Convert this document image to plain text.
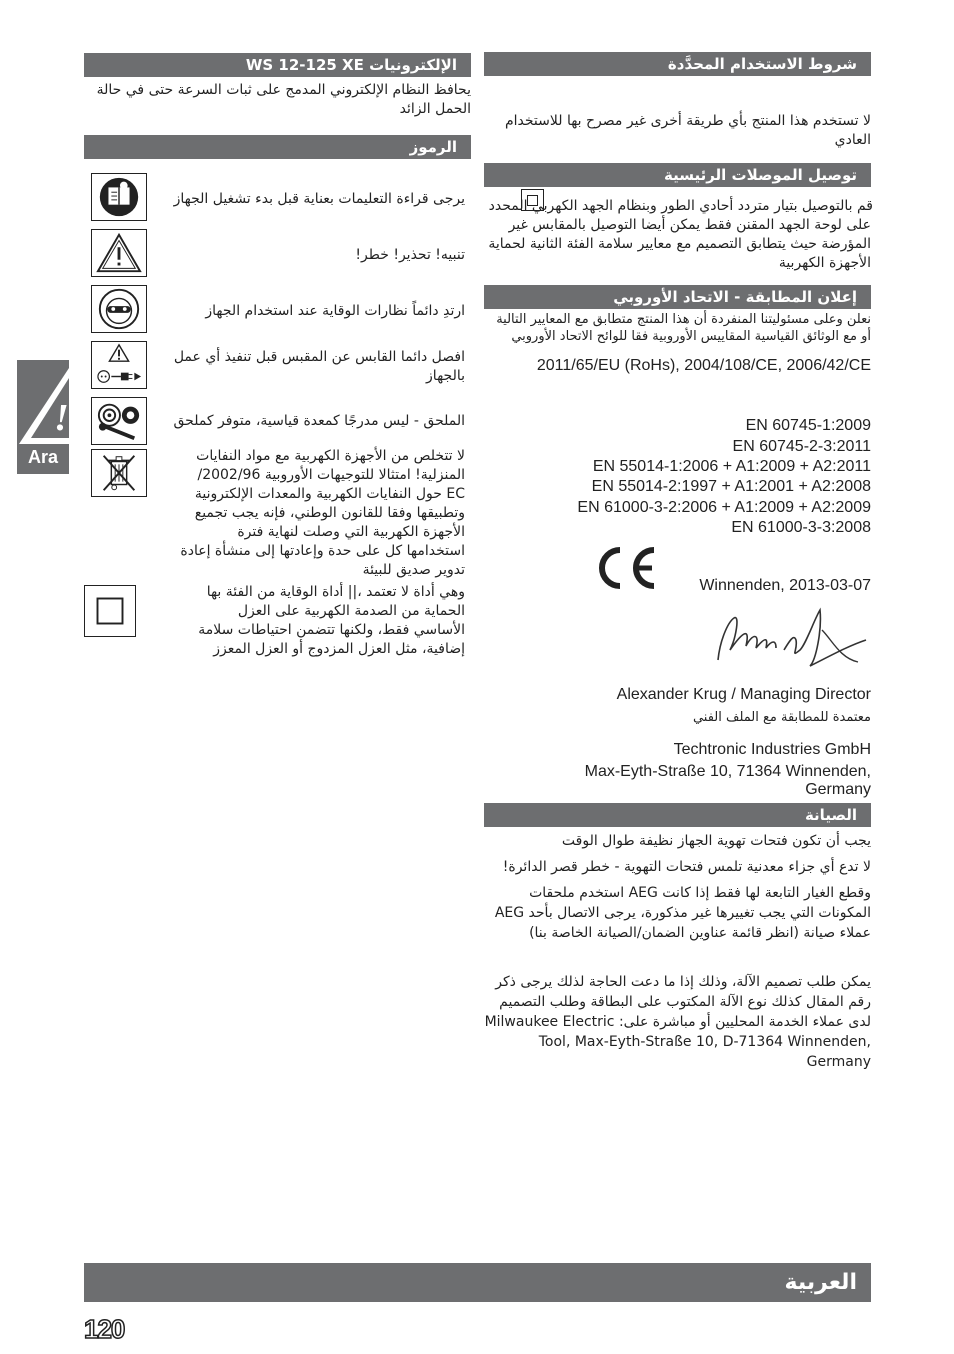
الإلكترونيات WS 12-125 XE
يحافظ النظام الإلكتروني المدمج على ثبات السرعة حتى في حالة الحمل الزائد
الرموز
يرجى قراءة التعليمات بعناية قبل بدء تشغيل الجهاز
تنبيه! تحذير! خطر!
ارتدِ دائماً نظارات الوقاية عند استخدام الجهاز
افصل دائما القابس عن المقبس قبل تنفيذ أي عمل بالجهاز
الملحق - ليس مدرجًا كمعدة قياسية، متوفر كملحق
لا تتخلص من الأجهزة الكهربية مع مواد النفايات المنزلية! امتثالا للتوجيهات الأوروبية 2002/96/ EC حول النفايات الكهربية والمعدات الإلكترونية وتطبيقها وفقا للقانون الوطني، فإنه يجب تجميع الأجهزة الكهربية التي وصلت لنهاية فترة استخدامها كل على حدة وإعادتها إلى منشأة إعادة تدوير صديق للبيئة
وهي أداة لا تعتمد ،|| أداة الوقاية من الفئة بها الحماية من الصدمة الكهربية على العزل الأساسي فقط، ولكنها تتضمن احتياطات سلامة إضافية، مثل العزل المزدوج أو العزل المعزز
!
Ara
شروط الاستخدام المحدَّدة
لا تستخدم هذا المنتج بأي طريقة أخرى غير مصرح بها للاستخدام العادي
توصيل الموصلات الرئيسية
قم بالتوصيل بتيار متردد أحادي الطور وبنظام الجهد الكهربي المحدد على لوحة الجهد المقنن فقط يمكن أيضا التوصيل بالمقابس غير المؤرضة حيث يتطابق التصميم مع معايير سلامة الفئة الثانية لحماية الأجهزة الكهربية
إعلان المطابقة - الاتحاد الأوروبي
نعلن وعلى مسئوليتنا المنفردة أن هذا المنتج متطابق مع المعايير التالية أو مع الوثائق القياسية المقاييس الأوروبية فقا للوائح الاتحاد الأوروبي
2011/65/EU (RoHs), 2004/108/CE, 2006/42/CE
EN 60745-1:2009
EN 60745-2-3:2011
EN 55014-1:2006 + A1:2009 + A2:2011
EN 55014-2:1997 + A1:2001 + A2:2008
EN 61000-3-2:2006 + A1:2009 + A2:2009
EN 61000-3-3:2008
Winnenden, 2013-03-07
Alexander Krug / Managing Director
معتمدة للمطابقة مع الملف الفني
Techtronic Industries GmbH
Max-Eyth-Straße 10, 71364 Winnenden, Germany
الصيانة
يجب أن تكون فتحات تهوية الجهاز نظيفة طوال الوقت
لا تدع أي جزاء معدنية تلمس فتحات التهوية - خطر قصر الدائرة!
وقطع الغيار التابعة لها فقط إذا كانت AEG استخدم ملحقات المكونات التي يجب تغييرها غير مذكورة، يرجى الاتصال بأحد AEG عملاء صيانة (انظر قائمة عناوين الضمان/الصيانة الخاصة بنا)
يمكن طلب تصميم الآلة، وذلك إذا ما دعت الحاجة لذلك يرجى ذكر رقم المقال كذلك نوع الآلة المكتوب على البطاقة وطلب التصميم لدى عملاء الخدمة المحليين أو مباشرة على: Milwaukee Electric Tool, Max-Eyth-Straße 10, D-71364 Winnenden, Germany
العربية
120
